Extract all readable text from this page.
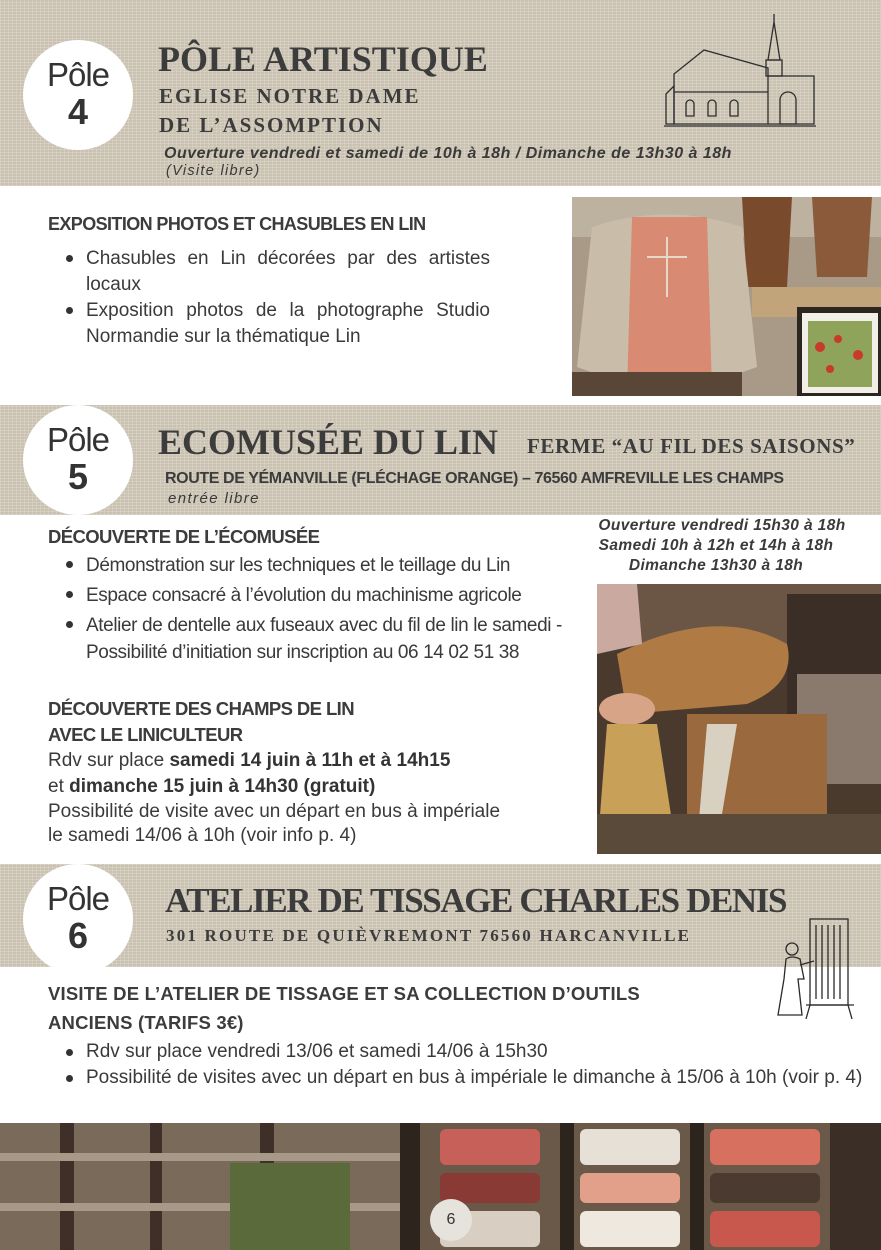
Pôle
4
PÔLE ARTISTIQUE
EGLISE NOTRE DAME
DE L’ASSOMPTION
Ouverture vendredi et samedi de 10h à 18h / Dimanche de 13h30 à 18h
(Visite libre)
EXPOSITION PHOTOS ET CHASUBLES EN LIN
Chasubles en Lin décorées par des artistes locaux
Exposition photos de la photographe Studio Normandie sur la thématique Lin
Pôle
5
ECOMUSÉE DU LIN FERME “AU FIL DES SAISONS”
ROUTE DE YÉMANVILLE (FLÉCHAGE ORANGE) – 76560 AMFREVILLE LES CHAMPS
entrée libre
Ouverture vendredi 15h30 à 18h
Samedi 10h à 12h et 14h à 18h
Dimanche 13h30 à 18h
DÉCOUVERTE DE L’ÉCOMUSÉE
Démonstration sur les techniques et le teillage du Lin
Espace consacré à l’évolution du machinisme agricole
Atelier de dentelle aux fuseaux avec du fil de lin le samedi - Possibilité d’initiation sur inscription au 06 14 02 51 38
DÉCOUVERTE DES CHAMPS DE LIN
AVEC LE LINICULTEUR
Rdv sur place samedi 14 juin à 11h et à 14h15
et dimanche 15 juin à 14h30 (gratuit)
Possibilité de visite avec un départ en bus à impériale
le samedi 14/06 à 10h (voir info p. 4)
Pôle
6
ATELIER DE TISSAGE CHARLES DENIS
301 ROUTE DE QUIÈVREMONT 76560 HARCANVILLE
VISITE DE L’ATELIER DE TISSAGE ET SA COLLECTION D’OUTILS
ANCIENS (TARIFS 3€)
Rdv sur place vendredi 13/06 et samedi 14/06 à 15h30
Possibilité de visites avec un départ en bus à impériale le dimanche à 15/06 à 10h (voir p. 4)
6
